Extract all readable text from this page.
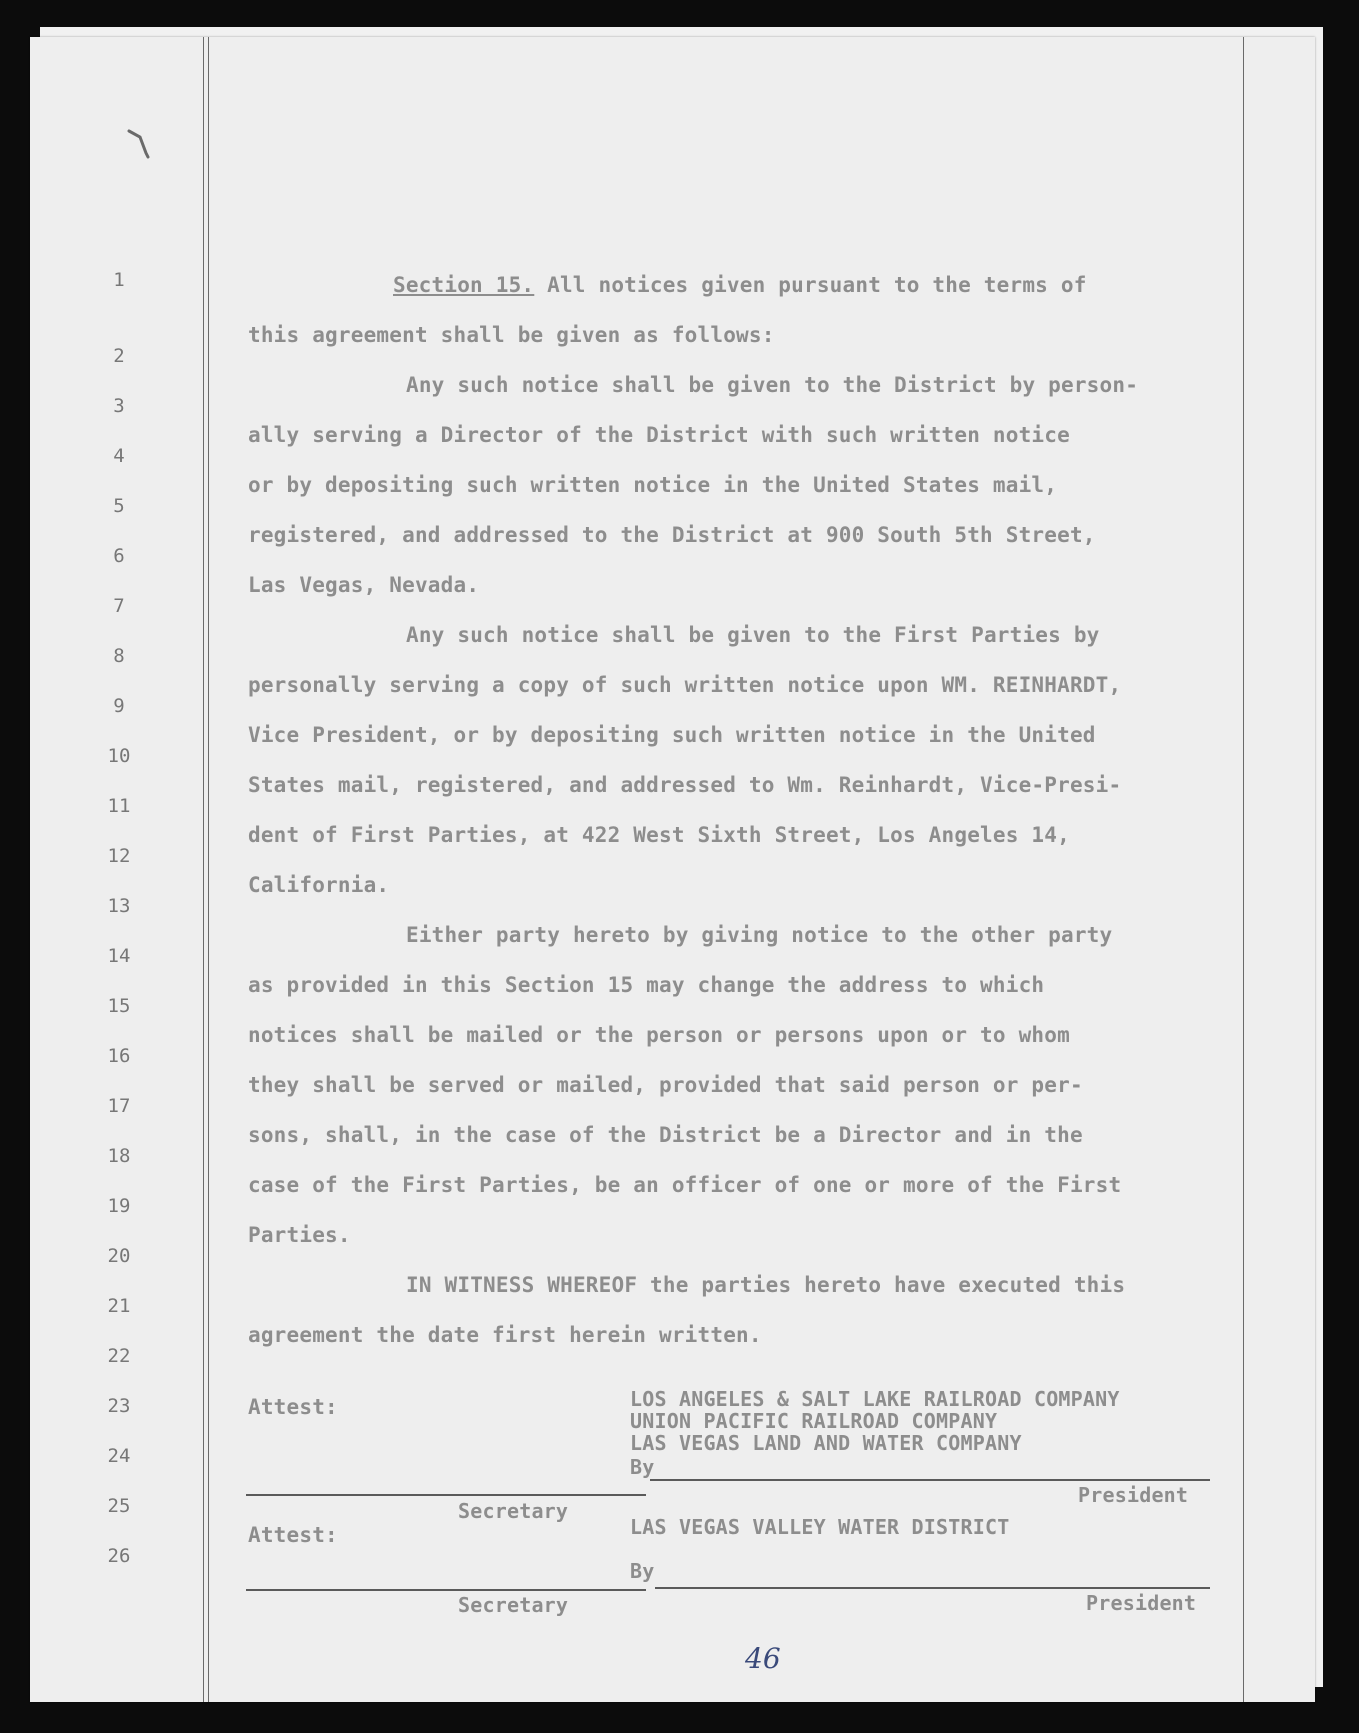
1
2
3
4
5
6
7
8
9
10
11
12
13
14
15
16
17
18
19
20
21
22
23
24
25
26
Section 15. All notices given pursuant to the terms of
this agreement shall be given as follows:
Any such notice shall be given to the District by person-
ally serving a Director of the District with such written notice
or by depositing such written notice in the United States mail,
registered, and addressed to the District at 900 South 5th Street,
Las Vegas, Nevada.
Any such notice shall be given to the First Parties by
personally serving a copy of such written notice upon WM. REINHARDT,
Vice President, or by depositing such written notice in the United
States mail, registered, and addressed to Wm. Reinhardt, Vice-Presi-
dent of First Parties, at 422 West Sixth Street, Los Angeles 14,
California.
Either party hereto by giving notice to the other party
as provided in this Section 15 may change the address to which
notices shall be mailed or the person or persons upon or to whom
they shall be served or mailed, provided that said person or per-
sons, shall, in the case of the District be a Director and in the
case of the First Parties, be an officer of one or more of the First
Parties.
IN WITNESS WHEREOF the parties hereto have executed this
agreement the date first herein written.
Attest:	LOS ANGELES & SALT LAKE RAILROAD COMPANY
UNION PACIFIC RAILROAD COMPANY
LAS VEGAS LAND AND WATER COMPANY
By
Secretary
President
Attest:	LAS VEGAS VALLEY WATER DISTRICT
By
Secretary	President
46
